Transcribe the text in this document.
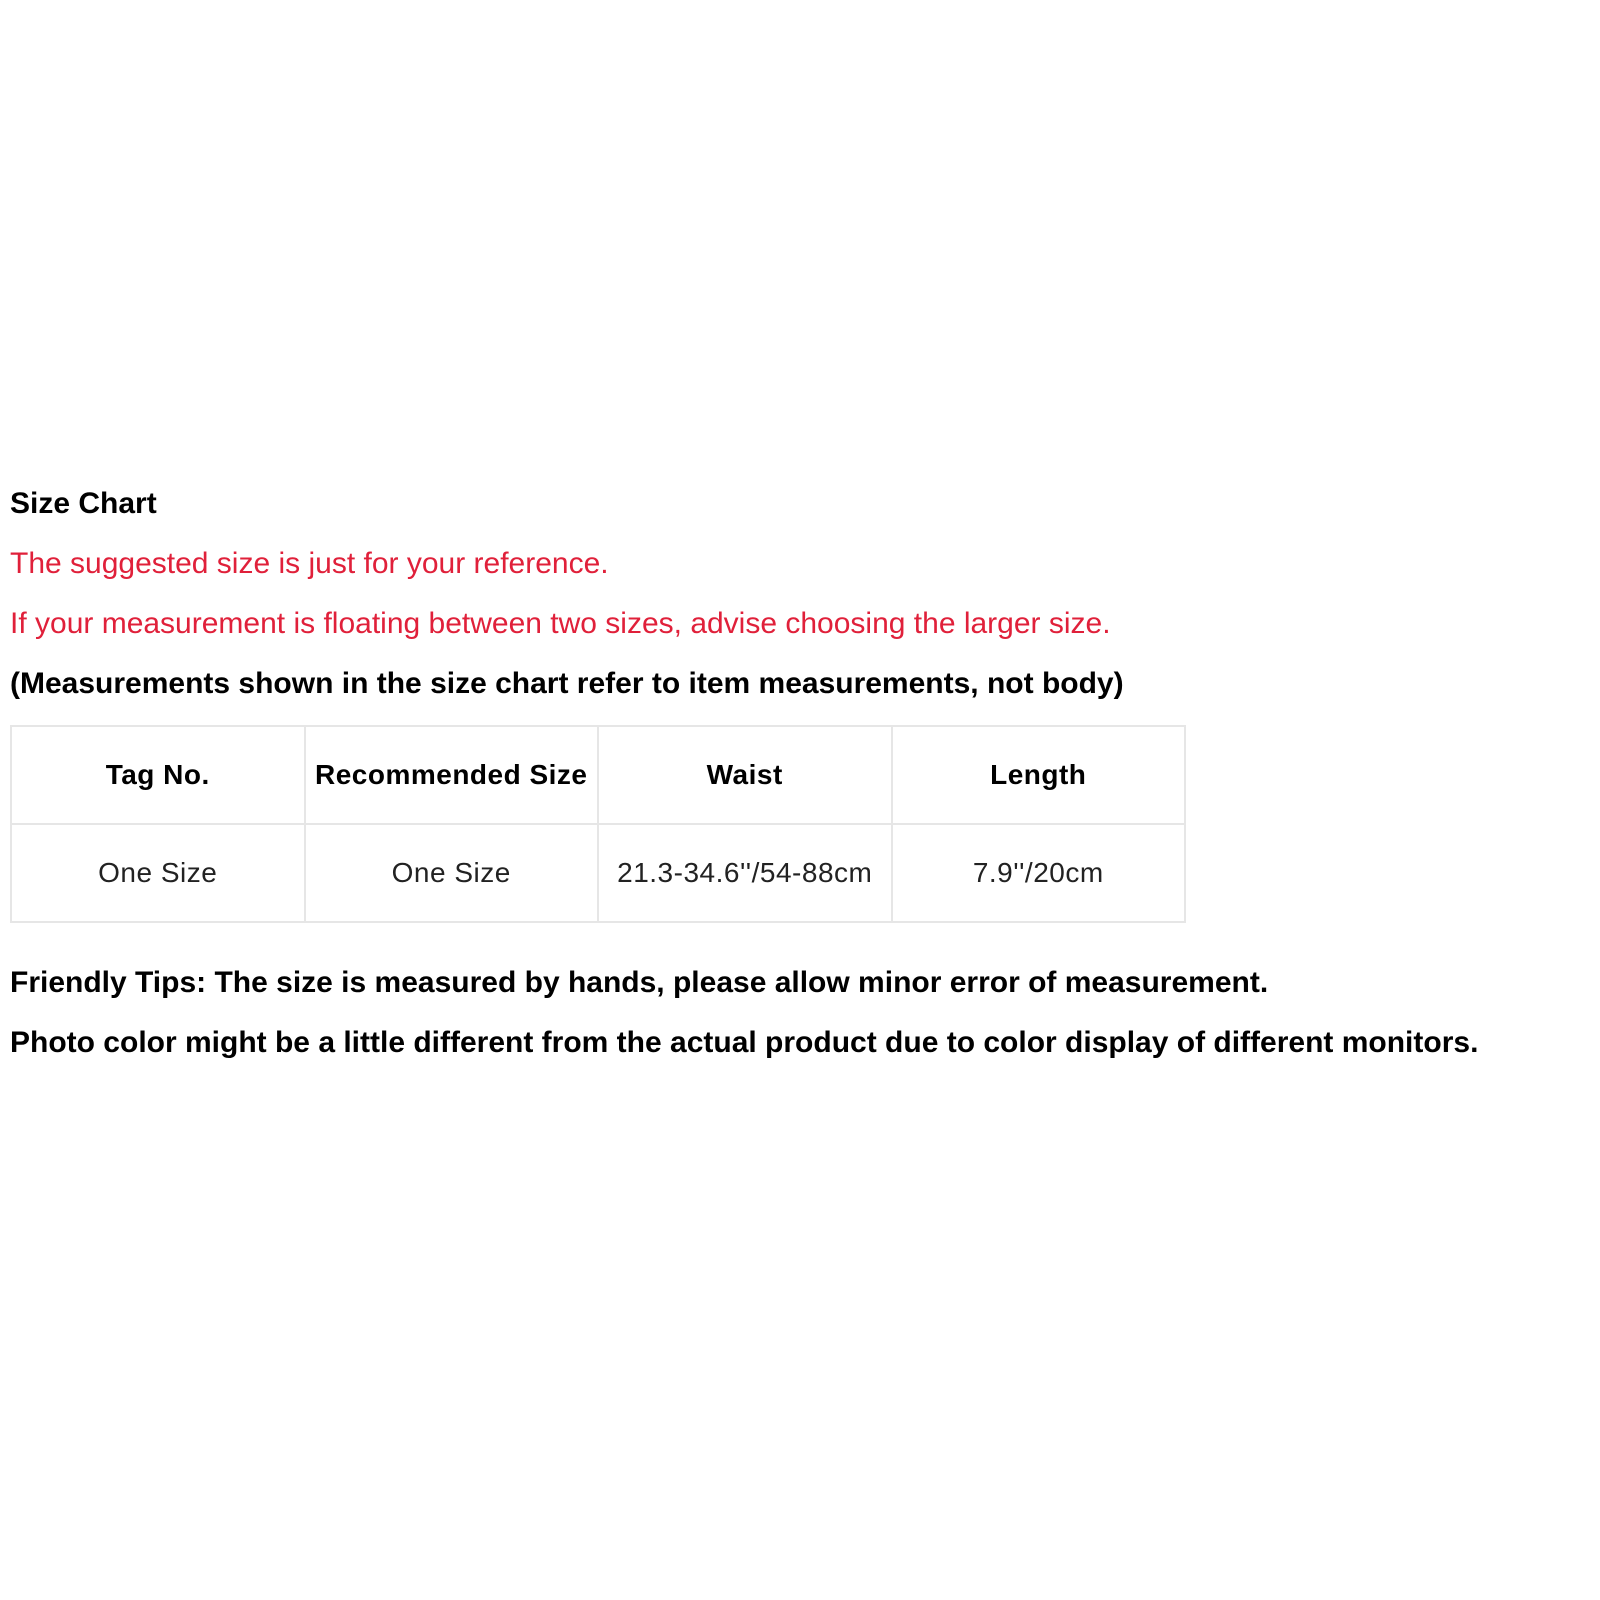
Size Chart
The suggested size is just for your reference.
If your measurement is floating between two sizes, advise choosing the larger size.
(Measurements shown in the size chart refer to item measurements, not body)
Tag No.	Recommended Size	Waist	Length
One Size	One Size	21.3-34.6''/54-88cm	7.9''/20cm
Friendly Tips: The size is measured by hands, please allow minor error of measurement.
Photo color might be a little different from the actual product due to color display of different monitors.
